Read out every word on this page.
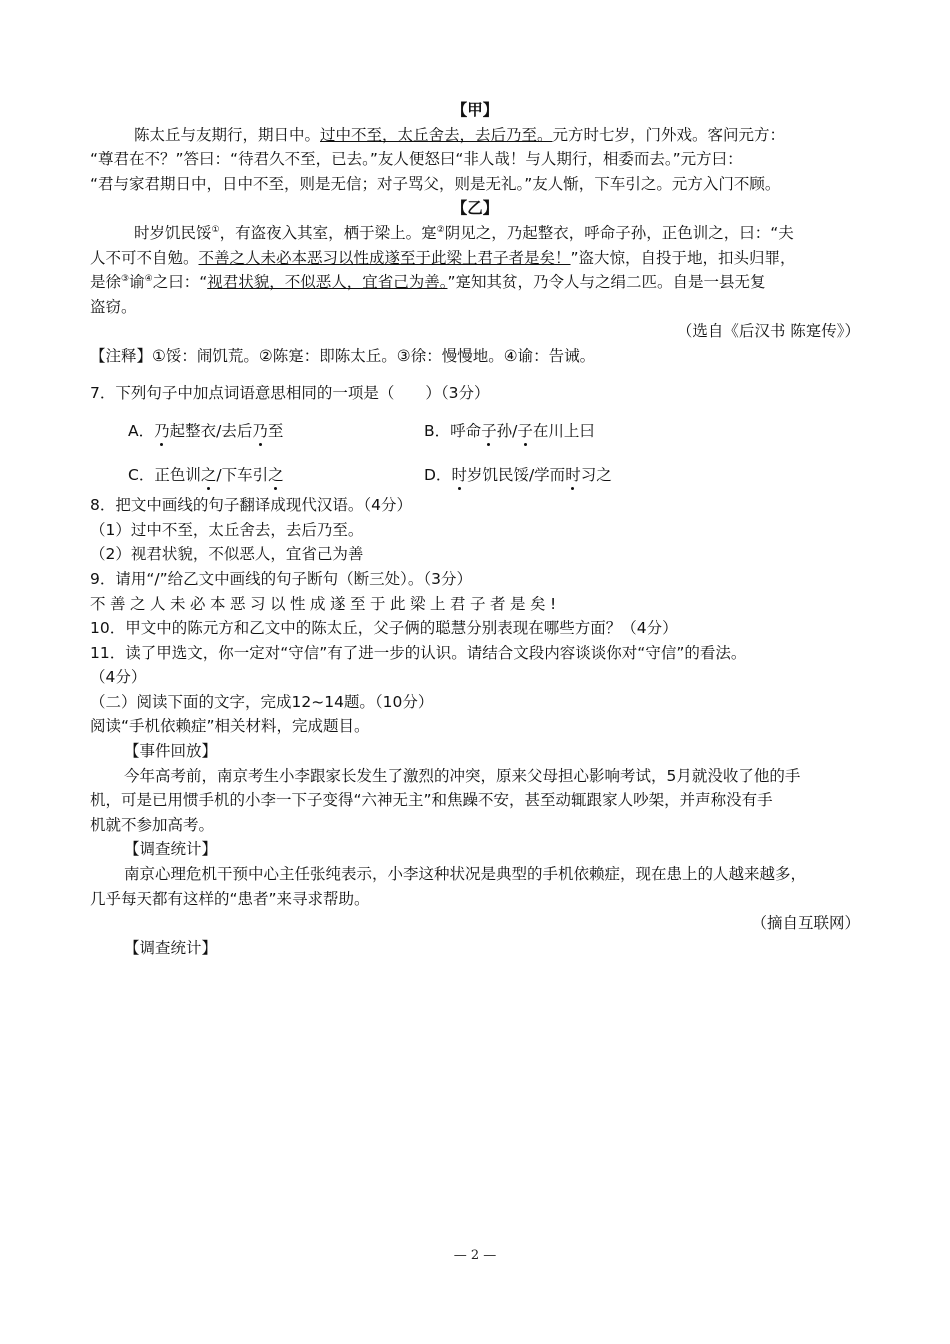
【甲】
陈太丘与友期行，期日中。过中不至，太丘舍去，去后乃至。元方时七岁，门外戏。客问元方：
“尊君在不？”答曰：“待君久不至，已去。”友人便怒曰“非人哉！与人期行，相委而去。”元方曰：
“君与家君期日中，日中不至，则是无信；对子骂父，则是无礼。”友人惭，下车引之。元方入门不顾。
【乙】
时岁饥民馁①，有盗夜入其室，栖于梁上。寔②阴见之，乃起整衣，呼命子孙，正色训之，曰：“夫
人不可不自勉。不善之人未必本恶习以性成遂至于此梁上君子者是矣！”盗大惊，自投于地，扣头归罪，
是徐③谕④之曰：“视君状貌，不似恶人，宜省己为善。”寔知其贫，乃令人与之绢二匹。自是一县无复
盗窃。
（选自《后汉书 陈寔传》）
【注释】①馁：闹饥荒。②陈寔：即陈太丘。③徐：慢慢地。④谕：告诫。
7．下列句子中加点词语意思相同的一项是（　　）（3分）
A．乃起整衣/去后乃至	B．呼命子孙/子在川上曰
C．正色训之/下车引之	D．时岁饥民馁/学而时习之
8．把文中画线的句子翻译成现代汉语。（4分）
（1）过中不至，太丘舍去，去后乃至。
（2）视君状貌，不似恶人，宜省己为善
9．请用“/”给乙文中画线的句子断句（断三处）。（3分）
不善之人未必本恶习以性成遂至于此梁上君子者是矣!
10．甲文中的陈元方和乙文中的陈太丘，父子俩的聪慧分别表现在哪些方面？（4分）
11．读了甲选文，你一定对“守信”有了进一步的认识。请结合文段内容谈谈你对“守信”的看法。
（4分）
（二）阅读下面的文字，完成12~14题。（10分）
阅读“手机依赖症”相关材料，完成题目。
【事件回放】
今年高考前，南京考生小李跟家长发生了激烈的冲突，原来父母担心影响考试，5月就没收了他的手
机，可是已用惯手机的小李一下子变得“六神无主”和焦躁不安，甚至动辄跟家人吵架，并声称没有手
机就不参加高考。
【调查统计】
南京心理危机干预中心主任张纯表示，小李这种状况是典型的手机依赖症，现在患上的人越来越多，
几乎每天都有这样的“患者”来寻求帮助。
（摘自互联网）
【调查统计】
— 2 —
